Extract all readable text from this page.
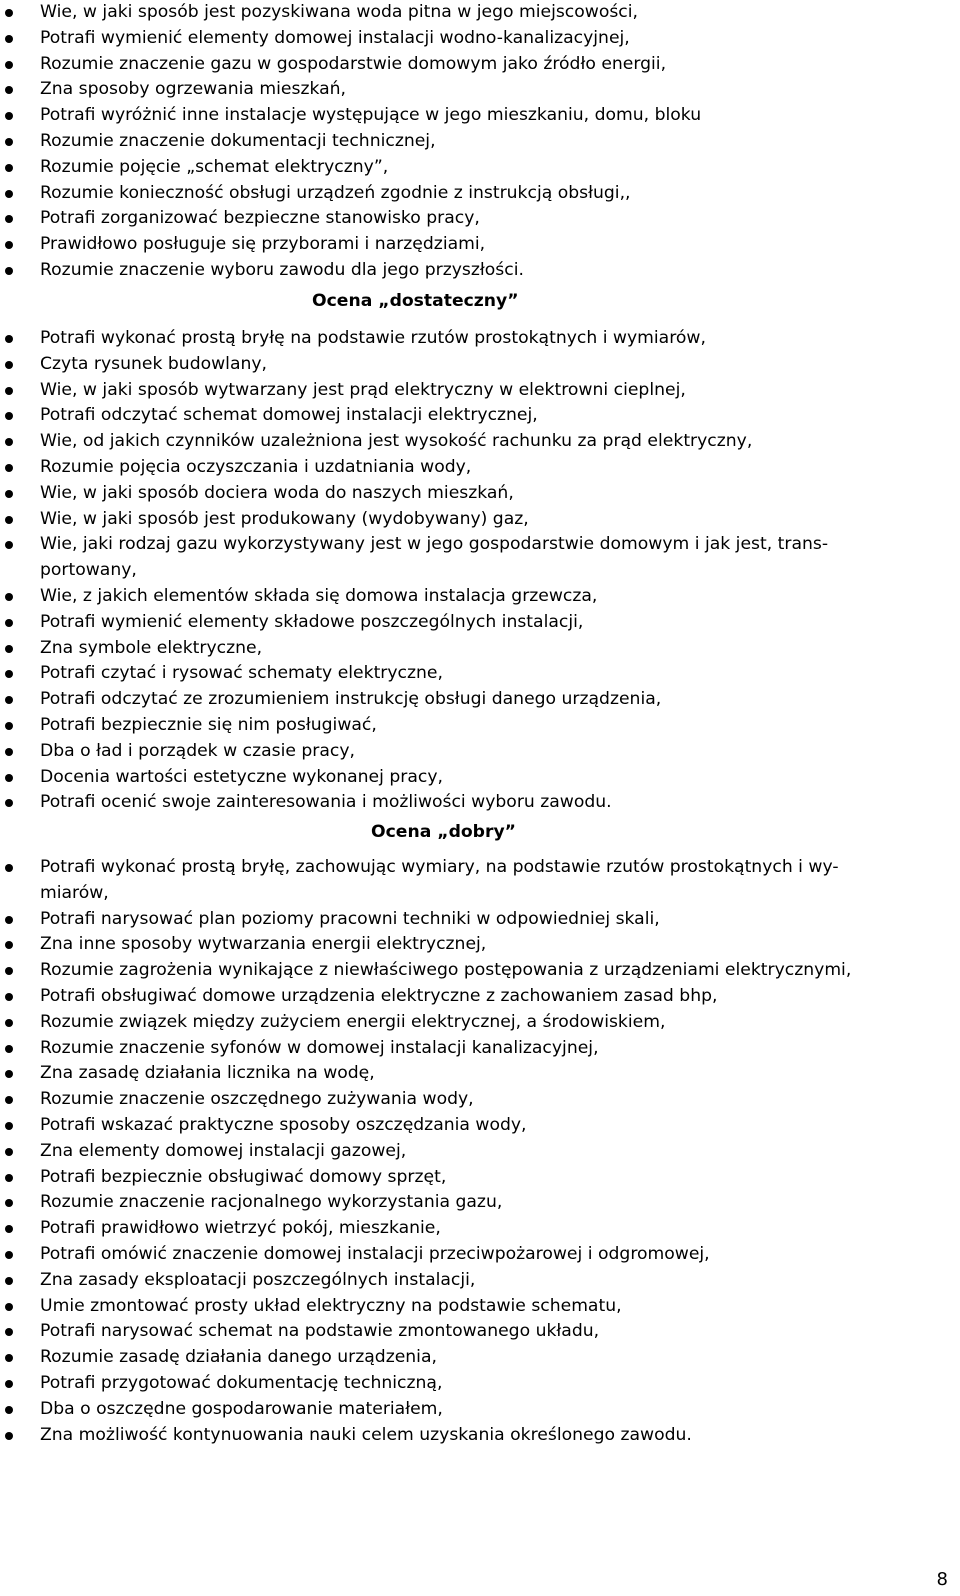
Wie, w jaki sposób jest pozyskiwana woda pitna w jego miejscowości,
Potrafi wymienić elementy domowej instalacji wodno-kanalizacyjnej,
Rozumie znaczenie gazu w gospodarstwie domowym jako źródło energii,
Zna sposoby ogrzewania mieszkań,
Potrafi wyróżnić inne instalacje występujące w jego mieszkaniu, domu, bloku
Rozumie znaczenie dokumentacji technicznej,
Rozumie pojęcie „schemat elektryczny”,
Rozumie konieczność obsługi urządzeń zgodnie z instrukcją obsługi,,
Potrafi zorganizować bezpieczne stanowisko pracy,
Prawidłowo posługuje się przyborami i narzędziami,
Rozumie znaczenie wyboru zawodu dla jego przyszłości.
Ocena „dostateczny”
Potrafi wykonać prostą bryłę na podstawie rzutów prostokątnych i wymiarów,
Czyta rysunek budowlany,
Wie, w jaki sposób wytwarzany jest prąd elektryczny w elektrowni cieplnej,
Potrafi odczytać schemat domowej instalacji elektrycznej,
Wie, od jakich czynników uzależniona jest wysokość rachunku za prąd elektryczny,
Rozumie pojęcia oczyszczania i uzdatniania wody,
Wie, w jaki sposób dociera woda do naszych mieszkań,
Wie, w jaki sposób jest produkowany (wydobywany) gaz,
Wie, jaki rodzaj gazu wykorzystywany jest w jego gospodarstwie domowym i jak jest, trans-
portowany,
Wie, z jakich elementów składa się domowa instalacja grzewcza,
Potrafi wymienić elementy składowe poszczególnych instalacji,
Zna symbole elektryczne,
Potrafi czytać i rysować schematy elektryczne,
Potrafi odczytać ze zrozumieniem instrukcję obsługi danego urządzenia,
Potrafi bezpiecznie się nim posługiwać,
Dba o ład i porządek w czasie pracy,
Docenia wartości estetyczne wykonanej pracy,
Potrafi ocenić swoje zainteresowania i możliwości wyboru zawodu.
Ocena „dobry”
Potrafi wykonać prostą bryłę, zachowując wymiary, na podstawie rzutów prostokątnych i wy-
miarów,
Potrafi narysować plan poziomy pracowni techniki w odpowiedniej skali,
Zna inne sposoby wytwarzania energii elektrycznej,
Rozumie zagrożenia wynikające z niewłaściwego postępowania z urządzeniami elektrycznymi,
Potrafi obsługiwać domowe urządzenia elektryczne z zachowaniem zasad bhp,
Rozumie związek między zużyciem energii elektrycznej, a środowiskiem,
Rozumie znaczenie syfonów w domowej instalacji kanalizacyjnej,
Zna zasadę działania licznika na wodę,
Rozumie znaczenie oszczędnego zużywania wody,
Potrafi wskazać praktyczne sposoby oszczędzania wody,
Zna elementy domowej instalacji gazowej,
Potrafi bezpiecznie obsługiwać domowy sprzęt,
Rozumie znaczenie racjonalnego wykorzystania gazu,
Potrafi prawidłowo wietrzyć pokój, mieszkanie,
Potrafi omówić znaczenie domowej instalacji przeciwpożarowej i odgromowej,
Zna zasady eksploatacji poszczególnych instalacji,
Umie zmontować prosty układ elektryczny na podstawie schematu,
Potrafi narysować schemat na podstawie zmontowanego układu,
Rozumie zasadę działania danego urządzenia,
Potrafi przygotować dokumentację techniczną,
Dba o oszczędne gospodarowanie materiałem,
Zna możliwość kontynuowania nauki celem uzyskania określonego zawodu.
8
